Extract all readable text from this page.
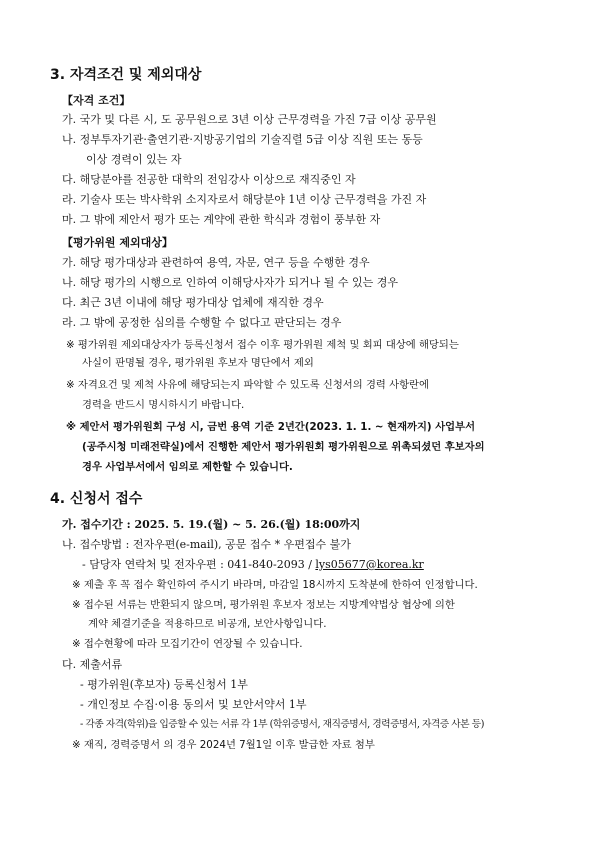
3. 자격조건 및 제외대상
【자격 조건】
가. 국가 및 다른 시, 도 공무원으로 3년 이상 근무경력을 가진 7급 이상 공무원
나. 정부투자기관·출연기관·지방공기업의 기술직렬 5급 이상 직원 또는 동등
이상 경력이 있는 자
다. 해당분야를 전공한 대학의 전임강사 이상으로 재직중인 자
라. 기술사 또는 박사학위 소지자로서 해당분야 1년 이상 근무경력을 가진 자
마. 그 밖에 제안서 평가 또는 계약에 관한 학식과 경험이 풍부한 자
【평가위원 제외대상】
가. 해당 평가대상과 관련하여 용역, 자문, 연구 등을 수행한 경우
나. 해당 평가의 시행으로 인하여 이해당사자가 되거나 될 수 있는 경우
다. 최근 3년 이내에 해당 평가대상 업체에 재직한 경우
라. 그 밖에 공정한 심의를 수행할 수 없다고 판단되는 경우
※ 평가위원 제외대상자가 등록신청서 접수 이후 평가위원 제척 및 회피 대상에 해당되는
사실이 판명될 경우, 평가위원 후보자 명단에서 제외
※ 자격요건 및 제척 사유에 해당되는지 파악할 수 있도록 신청서의 경력 사항란에
경력을 반드시 명시하시기 바랍니다.
※ 제안서 평가위원회 구성 시, 금번 용역 기준 2년간(2023. 1. 1. ~ 현재까지) 사업부서
(공주시청 미래전략실)에서 진행한 제안서 평가위원회 평가위원으로 위촉되셨던 후보자의
경우 사업부서에서 임의로 제한할 수 있습니다.
4. 신청서 접수
가. 접수기간 : 2025. 5. 19.(월) ~ 5. 26.(월) 18:00까지
나. 접수방법 : 전자우편(e-mail), 공문 접수 * 우편접수 불가
- 담당자 연락처 및 전자우편 : 041-840-2093 / lys05677@korea.kr
※ 제출 후 꼭 접수 확인하여 주시기 바라며, 마감일 18시까지 도착분에 한하여 인정합니다.
※ 접수된 서류는 반환되지 않으며, 평가위원 후보자 정보는 지방계약법상 협상에 의한
계약 체결기준을 적용하므로 비공개, 보안사항입니다.
※ 접수현황에 따라 모집기간이 연장될 수 있습니다.
다. 제출서류
- 평가위원(후보자) 등록신청서 1부
- 개인정보 수집·이용 동의서 및 보안서약서 1부
- 각종 자격(학위)을 입증할 수 있는 서류 각 1부 (학위증명서, 재직증명서, 경력증명서, 자격증 사본 등)
※ 재직, 경력증명서 의 경우 2024년 7월1일 이후 발급한 자료 첨부
